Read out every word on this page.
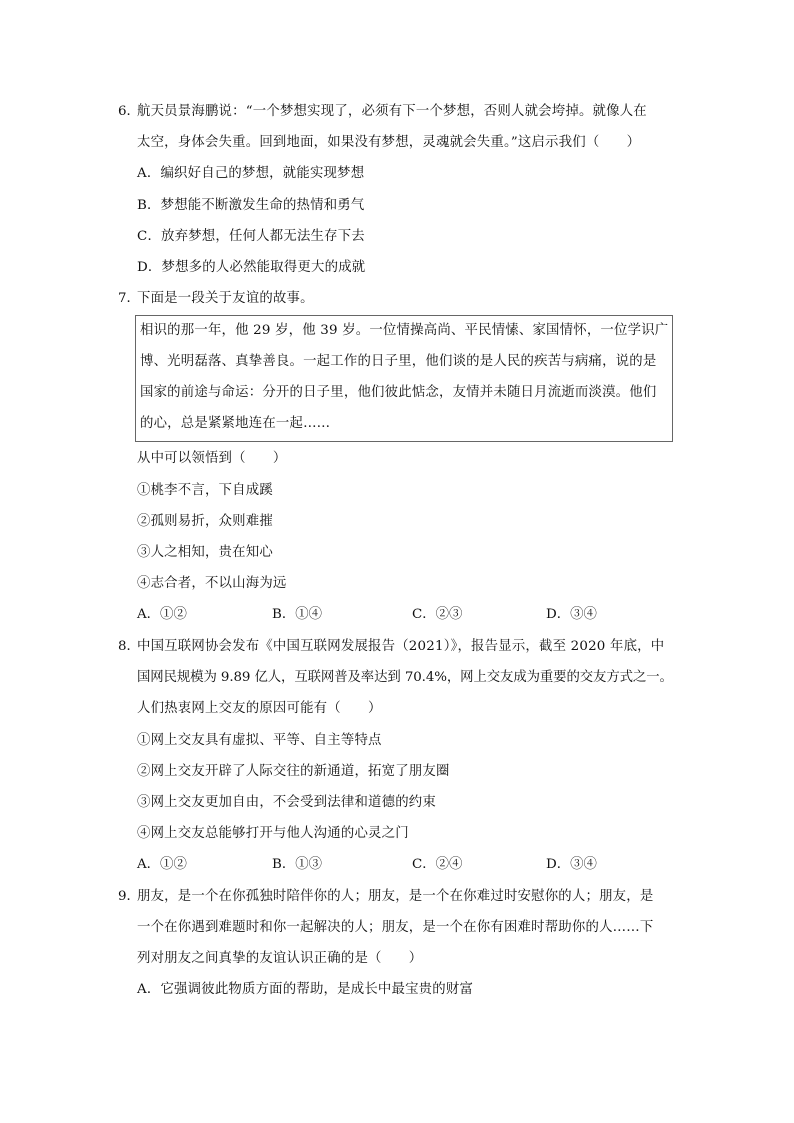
6．
航天员景海鹏说：“一个梦想实现了，必须有下一个梦想，否则人就会垮掉。就像人在
太空，身体会失重。回到地面，如果没有梦想，灵魂就会失重。”这启示我们（　　）
A．编织好自己的梦想，就能实现梦想
B．梦想能不断激发生命的热情和勇气
C．放弃梦想，任何人都无法生存下去
D．梦想多的人必然能取得更大的成就
7．
下面是一段关于友谊的故事。
相识的那一年，他 29 岁，他 39 岁。一位情操高尚、平民情愫、家国情怀，一位学识广
博、光明磊落、真挚善良。一起工作的日子里，他们谈的是人民的疾苦与病痛，说的是
国家的前途与命运：分开的日子里，他们彼此惦念，友情并未随日月流逝而淡漠。他们
的心，总是紧紧地连在一起……
从中可以领悟到（　　）
①桃李不言，下自成蹊
②孤则易折，众则难摧
③人之相知，贵在知心
④志合者，不以山海为远
A．①②	B．①④	C．②③	D．③④
8．
中国互联网协会发布《中国互联网发展报告（2021）》，报告显示，截至 2020 年底，中
国网民规模为 9.89 亿人，互联网普及率达到 70.4%，网上交友成为重要的交友方式之一。
人们热衷网上交友的原因可能有（　　）
①网上交友具有虚拟、平等、自主等特点
②网上交友开辟了人际交往的新通道，拓宽了朋友圈
③网上交友更加自由，不会受到法律和道德的约束
④网上交友总能够打开与他人沟通的心灵之门
A．①②	B．①③	C．②④	D．③④
9．
朋友，是一个在你孤独时陪伴你的人；朋友，是一个在你难过时安慰你的人；朋友，是
一个在你遇到难题时和你一起解决的人；朋友，是一个在你有困难时帮助你的人……下
列对朋友之间真挚的友谊认识正确的是（　　）
A．它强调彼此物质方面的帮助，是成长中最宝贵的财富
